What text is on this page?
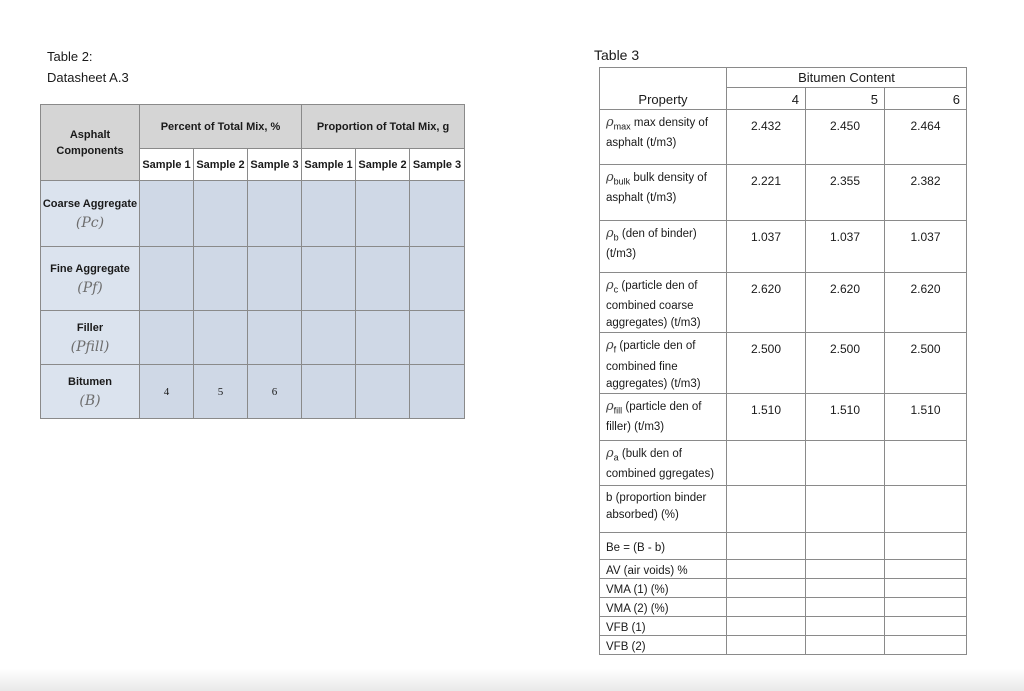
Table 2:
Datasheet A.3
Asphalt Components	Percent of Total Mix, %			Proportion of Total Mix, g		
	Sample 1	Sample 2	Sample 3	Sample 1	Sample 2	Sample 3

Coarse Aggregate
(Pc)						

Fine Aggregate
(Pf)						

Filler
(Pfill)						

Bitumen
(B)	4	5	6			
Table 3
Property	Bitumen Content		
	4	5	6
$\rho_{max}$ max density of asphalt (t/m3)	2.432	2.450	2.464
$\rho_{bulk}$ bulk density of asphalt (t/m3)	2.221	2.355	2.382
$\rho_b$ (den of binder) (t/m3)	1.037	1.037	1.037
$\rho_c$ (particle den of combined coarse aggregates) (t/m3)	2.620	2.620	2.620
$\rho_f$ (particle den of combined fine aggregates) (t/m3)	2.500	2.500	2.500
$\rho_{fill}$ (particle den of filler) (t/m3)	1.510	1.510	1.510
$\rho_a$ (bulk den of combined ggregates)			
b (proportion binder absorbed) (%)			
Be = (B - b)			
AV (air voids) %			
VMA (1) (%)			
VMA (2) (%)			
VFB (1)			
VFB (2)			
